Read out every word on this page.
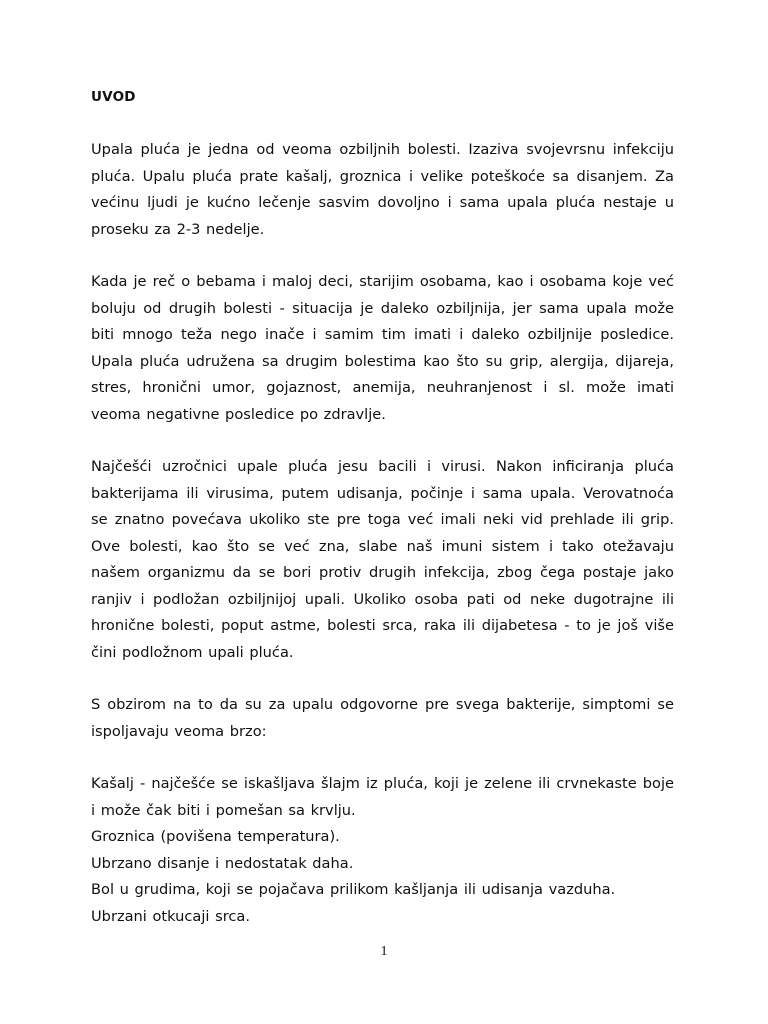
UVOD

Upala pluća je jedna od veoma ozbiljnih bolesti. Izaziva svojevrsnu infekciju pluća. Upalu pluća prate kašalj, groznica i velike poteškoće sa disanjem. Za većinu ljudi je kućno lečenje sasvim dovoljno i sama upala pluća nestaje u proseku za 2-3 nedelje.

Kada je reč o bebama i maloj deci, starijim osobama, kao i osobama koje već boluju od drugih bolesti - situacija je daleko ozbiljnija, jer sama upala može biti mnogo teža nego inače i samim tim imati i daleko ozbiljnije posledice. Upala pluća udružena sa drugim bolestima kao što su grip, alergija, dijareja, stres, hronični umor, gojaznost, anemija, neuhranjenost i sl. može imati veoma negativne posledice po zdravlje.

Najčešći uzročnici upale pluća jesu bacili i virusi. Nakon inficiranja pluća bakterijama ili virusima, putem udisanja, počinje i sama upala. Verovatnoća se znatno povećava ukoliko ste pre toga već imali neki vid prehlade ili grip. Ove bolesti, kao što se već zna, slabe naš imuni sistem i tako otežavaju našem organizmu da se bori protiv drugih infekcija, zbog čega postaje jako ranjiv i podložan ozbiljnijoj upali. Ukoliko osoba pati od neke dugotrajne ili hronične bolesti, poput astme, bolesti srca, raka ili dijabetesa - to je još više čini podložnom upali pluća.

S obzirom na to da su za upalu odgovorne pre svega bakterije, simptomi se ispoljavaju veoma brzo:

Kašalj - najčešće se iskašljava šlajm iz pluća, koji je zelene ili crvnekaste boje i može čak biti i pomešan sa krvlju.
Groznica (povišena temperatura).
Ubrzano disanje i nedostatak daha.
Bol u grudima, koji se pojačava prilikom kašljanja ili udisanja vazduha.
Ubrzani otkucaji srca.
1
